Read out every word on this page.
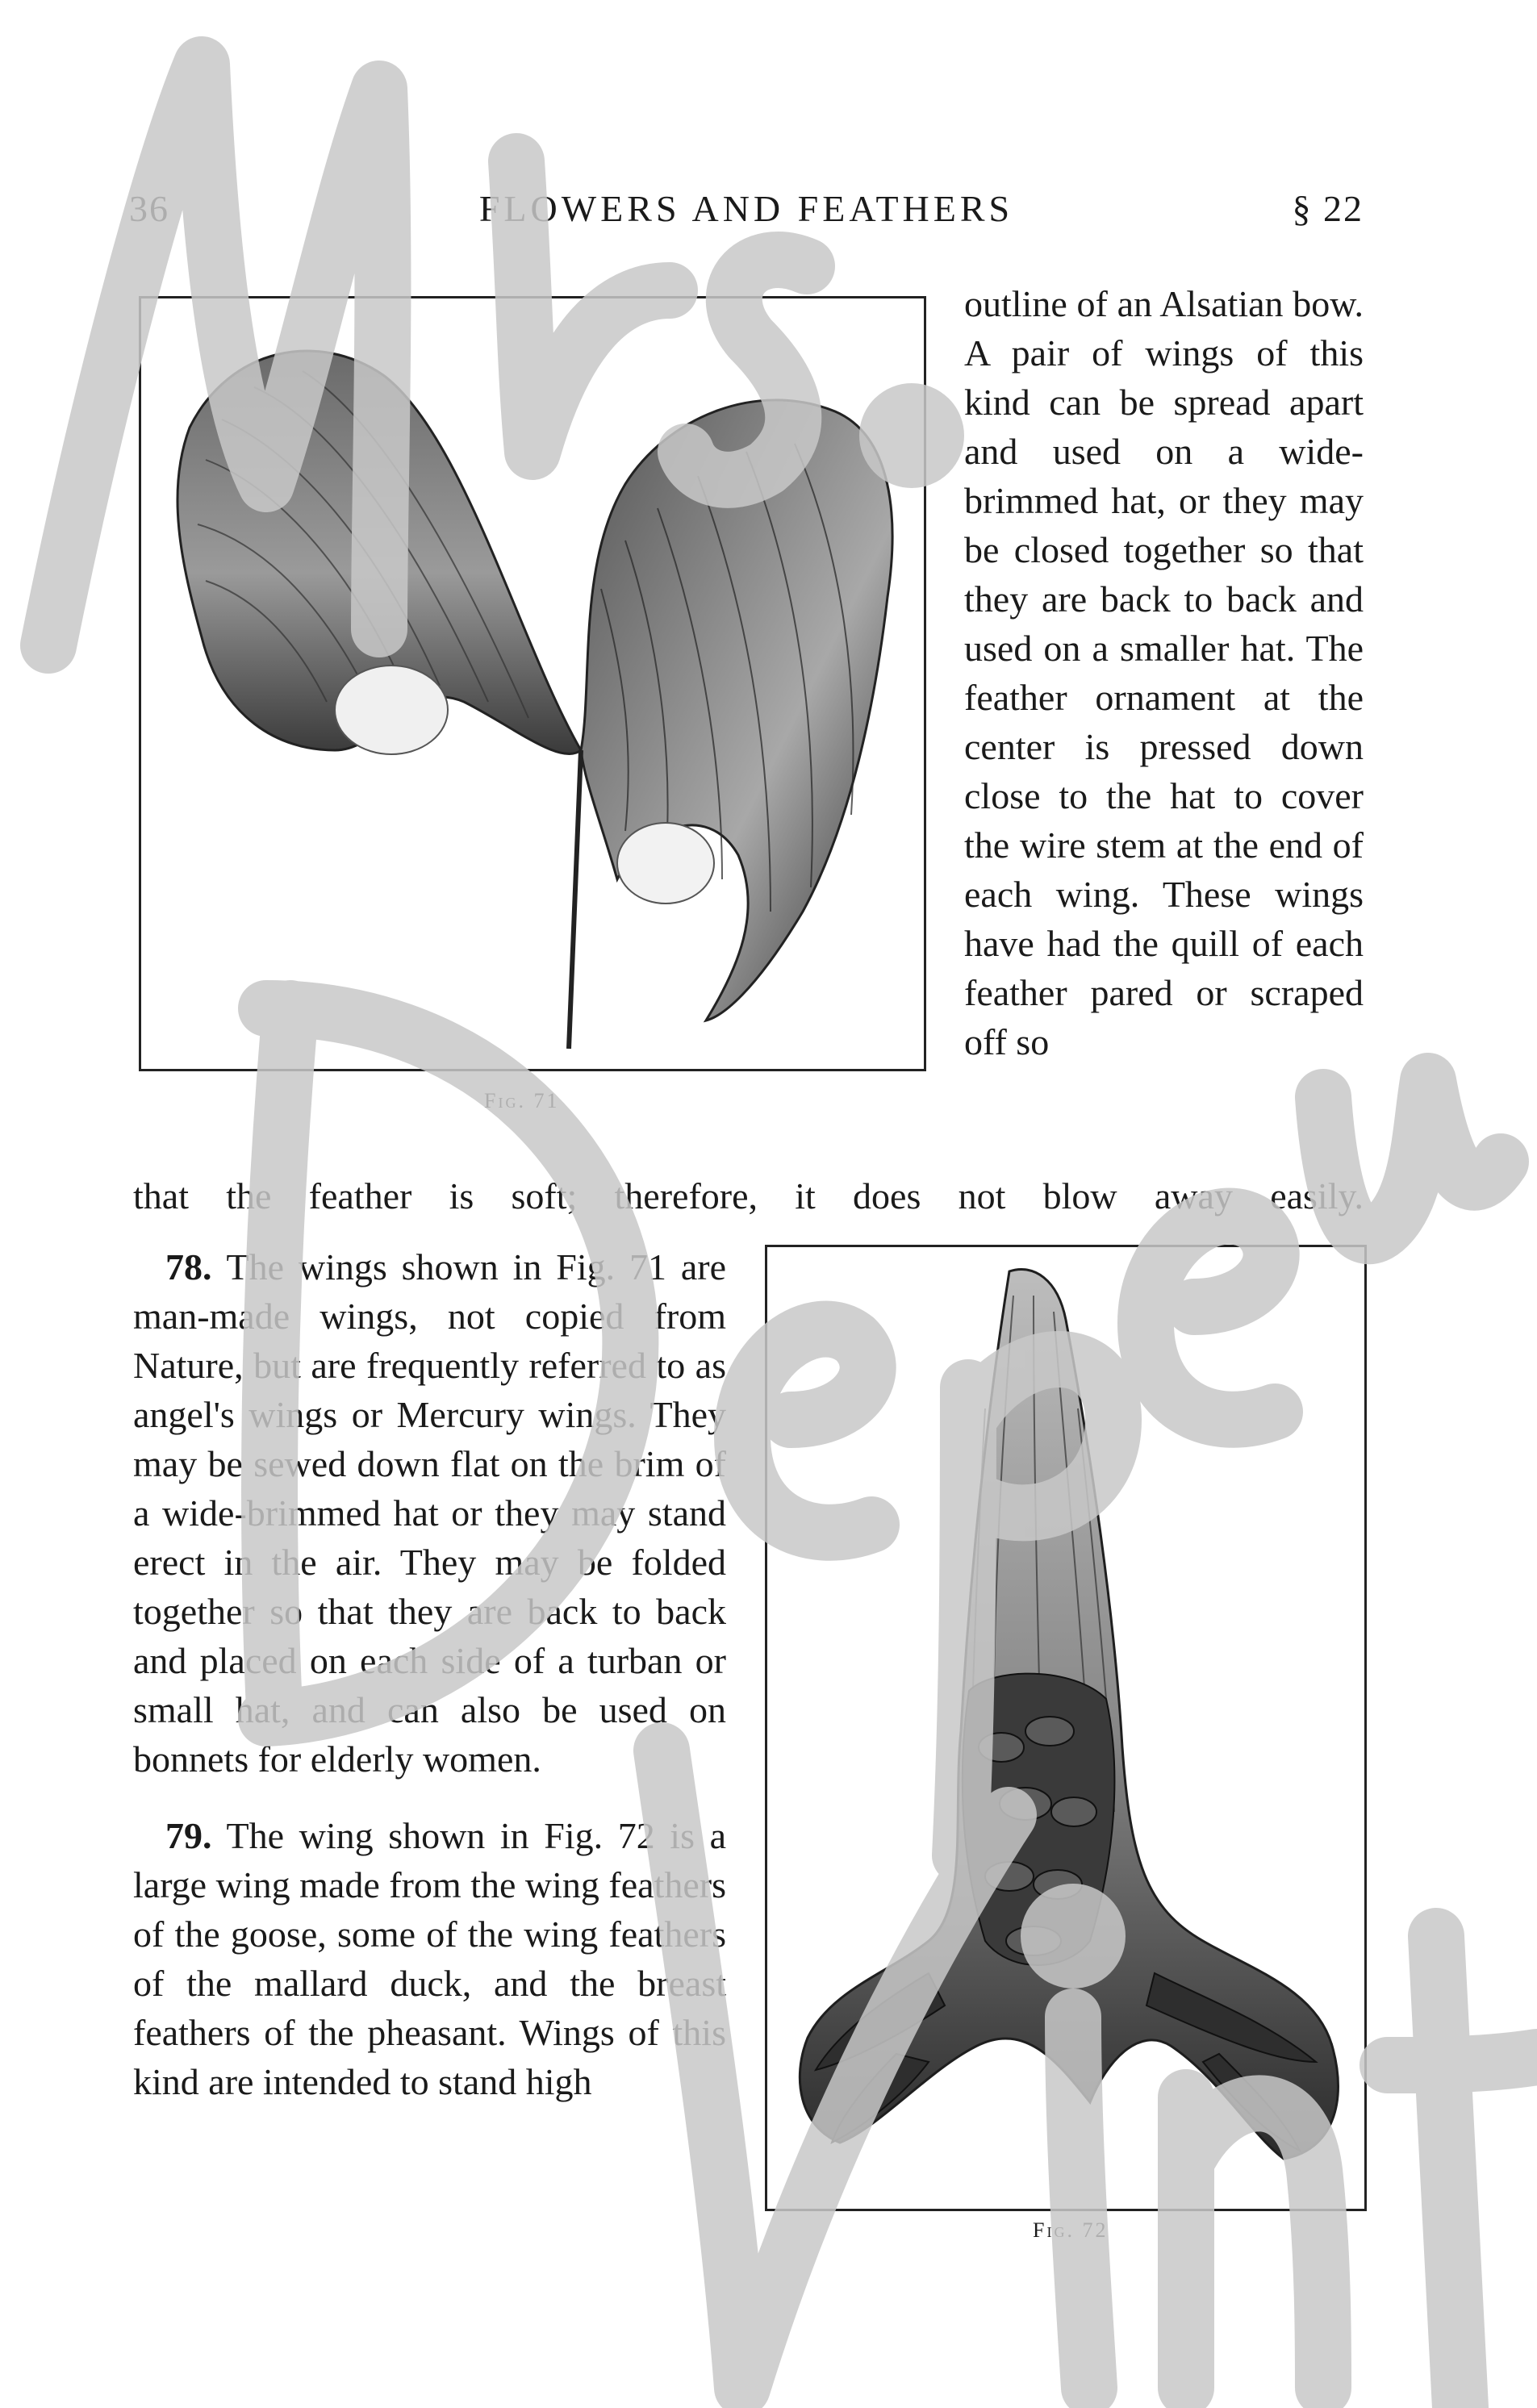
36	FLOWERS AND FEATHERS	§ 22
Fig. 71

outline of an Alsatian bow. A pair of wings of this kind can be spread apart and used on a wide-brimmed hat, or they may be closed together so that they are back to back and used on a smaller hat. The feather ornament at the center is pressed down close to the hat to cover the wire stem at the end of each wing. These wings have had the quill of each feather pared or scraped off so

that the feather is soft; therefore, it does not blow away easily.

78. The wings shown in Fig. 71 are man-made wings, not copied from Nature, but are frequently referred to as angel's wings or Mercury wings. They may be sewed down flat on the brim of a wide-brimmed hat or they may stand erect in the air. They may be folded together so that they are back to back and placed on each side of a turban or small hat, and can also be used on bonnets for elderly women.

79. The wing shown in Fig. 72 is a large wing made from the wing feathers of the goose, some of the wing feathers of the mallard duck, and the breast feathers of the pheasant. Wings of this kind are intended to stand high

Fig. 72
